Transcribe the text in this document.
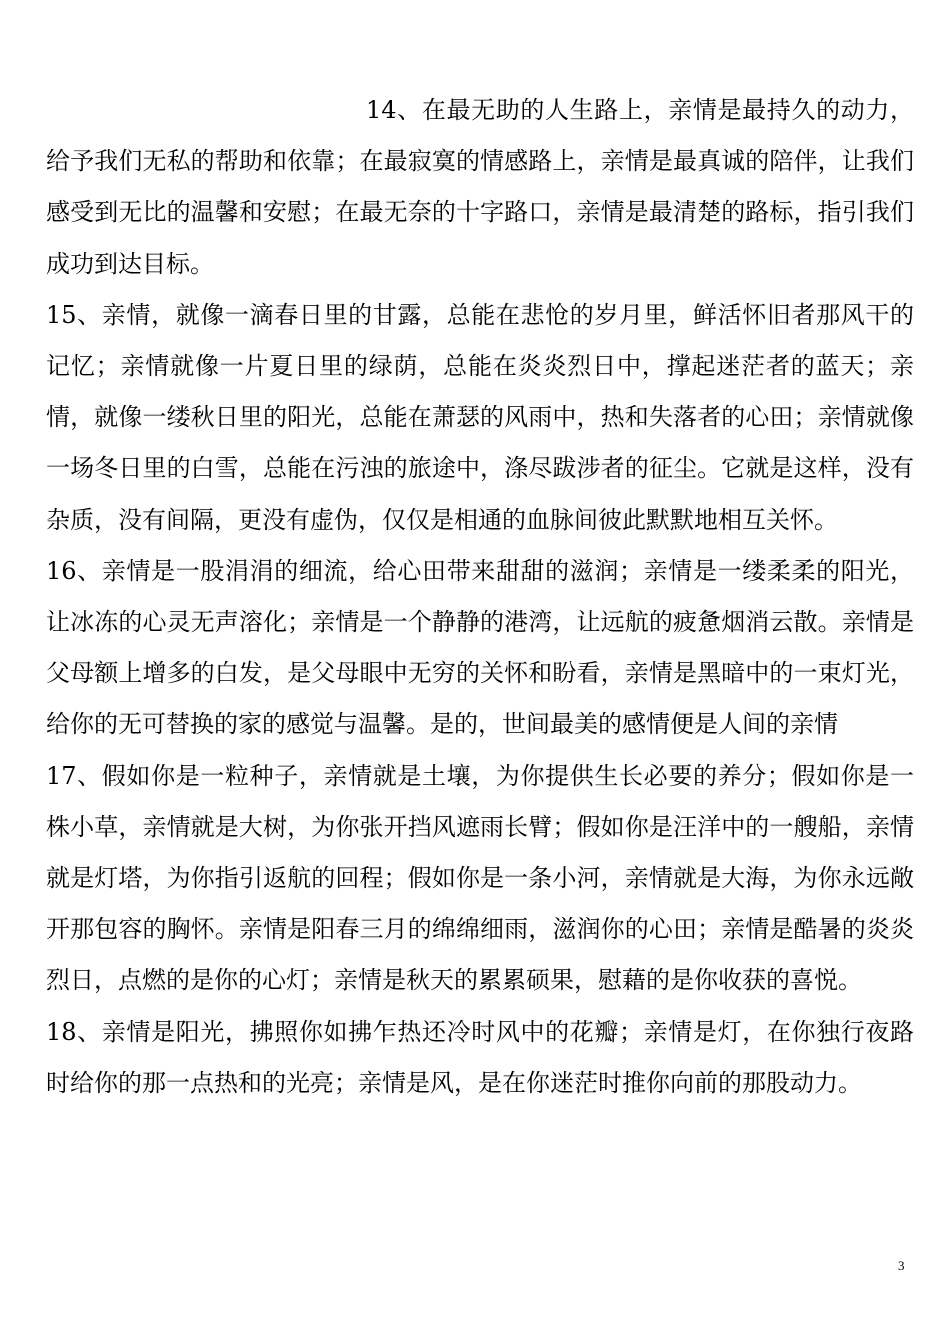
14、在最无助的人生路上，亲情是最持久的动力，给予我们无私的帮助和依靠；在最寂寞的情感路上，亲情是最真诚的陪伴，让我们感受到无比的温馨和安慰；在最无奈的十字路口，亲情是最清楚的路标，指引我们成功到达目标。

15、亲情，就像一滴春日里的甘露，总能在悲怆的岁月里，鲜活怀旧者那风干的记忆；亲情就像一片夏日里的绿荫，总能在炎炎烈日中，撑起迷茫者的蓝天；亲情，就像一缕秋日里的阳光，总能在萧瑟的风雨中，热和失落者的心田；亲情就像一场冬日里的白雪，总能在污浊的旅途中，涤尽跋涉者的征尘。它就是这样，没有杂质，没有间隔，更没有虚伪，仅仅是相通的血脉间彼此默默地相互关怀。

16、亲情是一股涓涓的细流，给心田带来甜甜的滋润；亲情是一缕柔柔的阳光，让冰冻的心灵无声溶化；亲情是一个静静的港湾，让远航的疲惫烟消云散。亲情是父母额上增多的白发，是父母眼中无穷的关怀和盼看，亲情是黑暗中的一束灯光，给你的无可替换的家的感觉与温馨。是的，世间最美的感情便是人间的亲情

17、假如你是一粒种子，亲情就是土壤，为你提供生长必要的养分；假如你是一株小草，亲情就是大树，为你张开挡风遮雨长臂；假如你是汪洋中的一艘船，亲情就是灯塔，为你指引返航的回程；假如你是一条小河，亲情就是大海，为你永远敞开那包容的胸怀。亲情是阳春三月的绵绵细雨，滋润你的心田；亲情是酷暑的炎炎烈日，点燃的是你的心灯；亲情是秋天的累累硕果，慰藉的是你收获的喜悦。

18、亲情是阳光，拂照你如拂乍热还冷时风中的花瓣；亲情是灯，在你独行夜路时给你的那一点热和的光亮；亲情是风，是在你迷茫时推你向前的那股动力。

3
